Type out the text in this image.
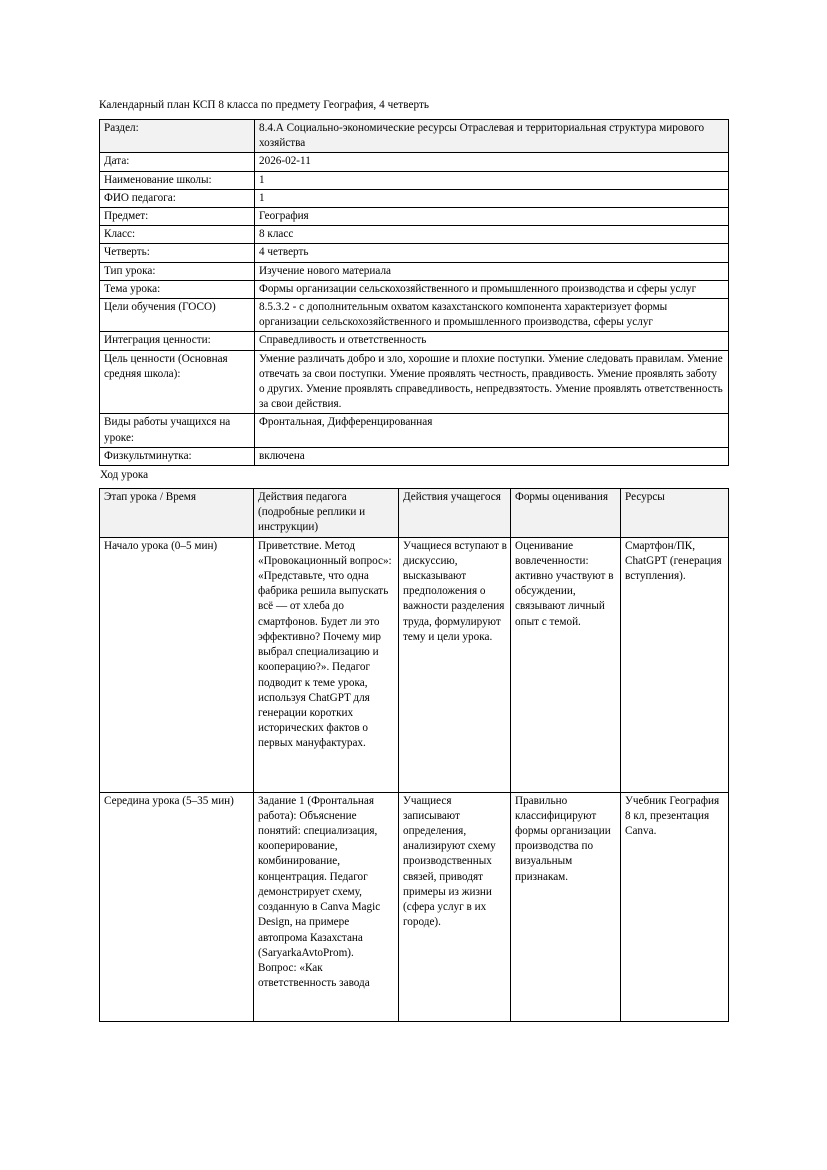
Календарный план КСП 8 класса по предмету География, 4 четверть
Раздел:	8.4.А Социально-экономические ресурсы Отраслевая и территориальная структура мирового хозяйства
Дата:	2026-02-11
Наименование школы:	1
ФИО педагога:	1
Предмет:	География
Класс:	8 класс
Четверть:	4 четверть
Тип урока:	Изучение нового материала
Тема урока:	Формы организации сельскохозяйственного и промышленного производства и сферы услуг
Цели обучения (ГОСО)	8.5.3.2 - с дополнительным охватом казахстанского компонента характеризует формы организации сельскохозяйственного и промышленного производства, сферы услуг
Интеграция ценности:	Справедливость и ответственность
Цель ценности (Основная средняя школа):	Умение различать добро и зло, хорошие и плохие поступки. Умение следовать правилам. Умение отвечать за свои поступки. Умение проявлять честность, правдивость. Умение проявлять заботу о других. Умение проявлять справедливость, непредвзятость. Умение проявлять ответственность за свои действия.
Виды работы учащихся на уроке:	Фронтальная, Дифференцированная
Физкультминутка:	включена
Ход урока
Этап урока / Время	Действия педагога (подробные реплики и инструкции)	Действия учащегося	Формы оценивания	Ресурсы
Начало урока (0–5 мин)	Приветствие. Метод «Провокационный вопрос»: «Представьте, что одна фабрика решила выпускать всё — от хлеба до смартфонов. Будет ли это эффективно? Почему мир выбрал специализацию и кооперацию?». Педагог подводит к теме урока, используя ChatGPT для генерации коротких исторических фактов о первых мануфактурах.	Учащиеся вступают в дискуссию, высказывают предположения о важности разделения труда, формулируют тему и цели урока.	Оценивание вовлеченности: активно участвуют в обсуждении, связывают личный опыт с темой.	Смартфон/ПК, ChatGPT (генерация вступления).
Середина урока (5–35 мин)	Задание 1 (Фронтальная работа): Объяснение понятий: специализация, кооперирование, комбинирование, концентрация. Педагог демонстрирует схему, созданную в Canva Magic Design, на примере автопрома Казахстана (SaryarkaAvtoProm). Вопрос: «Как ответственность завода	Учащиеся записывают определения, анализируют схему производственных связей, приводят примеры из жизни (сфера услуг в их городе).	Правильно классифицируют формы организации производства по визуальным признакам.	Учебник География 8 кл, презентация Canva.
